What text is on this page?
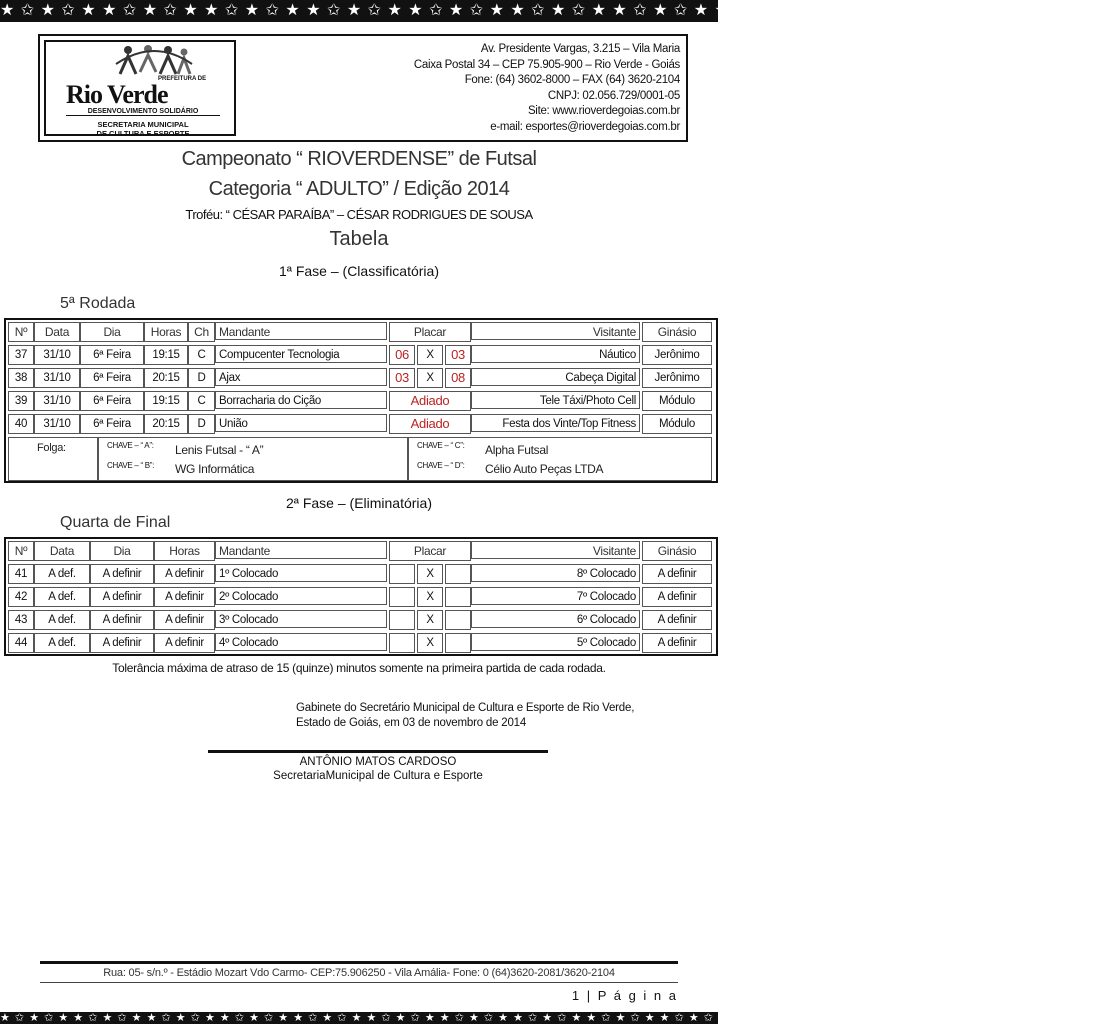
★ ✩ ★ ✩ ★ ★ ✩ ★ ✩ ★ ★ ✩ ★ ✩ ★ ★ ✩ ★ ✩ ★ ★ ✩ ★ ✩ ★ ★ ✩ ★ ✩ ★ ★ ✩ ★ ✩ ★ ★ ✩ ★ ✩ ★ ★ ✩ ★ ✩ ★ ★ ✩ ★ ✩ ★ ★ ✩ ★ ✩
PREFEITURA DE
Rio Verde
DESENVOLVIMENTO SOLIDÁRIO
SECRETARIA MUNICIPAL
DE CULTURA E ESPORTE
Av. Presidente Vargas, 3.215 – Vila Maria
Caixa Postal 34 – CEP 75.905-900 – Rio Verde - Goiás
Fone: (64) 3602-8000 – FAX (64) 3620-2104
CNPJ: 02.056.729/0001-05
Site: www.rioverdegoias.com.br
e-mail: esportes@rioverdegoias.com.br
Campeonato “ RIOVERDENSE” de Futsal
Categoria “ ADULTO” / Edição 2014
Troféu: “ CÉSAR PARAÍBA” – CÉSAR RODRIGUES DE SOUSA
Tabela
1ª Fase – (Classificatória)
5ª Rodada
Nº	Data	Dia	Horas	Ch Mandante	Placar	Visitante	Ginásio
37	31/10	6ª Feira	19:15	C	Compucenter Tecnologia	06	X	03	Náutico	Jerônimo
38	31/10	6ª Feira	20:15	D	Ajax	03	X	08	Cabeça Digital	Jerônimo
39	31/10	6ª Feira	19:15	C	Borracharia do Cição	Adiado	Tele Táxi/Photo Cell	Módulo
40	31/10	6ª Feira	20:15	D	União	Adiado	Festa dos Vinte/Top Fitness	Módulo
Folga:	CHAVE – “ A”: Lenis Futsal - “ A”
CHAVE – “ B”: WG Informática
CHAVE – “ C”: Alpha Futsal
CHAVE – “ D”: Célio Auto Peças LTDA
2ª Fase – (Eliminatória)
Quarta de Final
Nº	Data	Dia	Horas	Mandante	Placar	Visitante	Ginásio
41	A def.	A definir	A definir	1º Colocado	X	8º Colocado	A definir
42	A def.	A definir	A definir	2º Colocado	X	7º Colocado	A definir
43	A def.	A definir	A definir	3º Colocado	X	6º Colocado	A definir
44	A def.	A definir	A definir	4º Colocado	X	5º Colocado	A definir
Tolerância máxima de atraso de 15 (quinze) minutos somente na primeira partida de cada rodada.
Gabinete do Secretário Municipal de Cultura e Esporte de Rio Verde,
Estado de Goiás, em 03 de novembro de 2014
ANTÔNIO MATOS CARDOSO
SecretariaMunicipal de Cultura e Esporte
Rua: 05- s/n.º - Estádio Mozart Vdo Carmo- CEP:75.906250 - Vila Amália- Fone: 0 (64)3620-2081/3620-2104
1 | P á g i n a
★ ✩ ★ ✩ ★ ★ ✩ ★ ✩ ★ ★ ✩ ★ ✩ ★ ★ ✩ ★ ✩ ★ ★ ✩ ★ ✩ ★ ★ ✩ ★ ✩ ★ ★ ✩ ★ ✩ ★ ★ ✩ ★ ✩ ★ ★ ✩ ★ ✩ ★ ★ ✩ ★ ✩ ★ ★ ✩ ★ ✩ ★ ★ ✩ ★ ✩ ★ ★ ✩ ★ ✩
